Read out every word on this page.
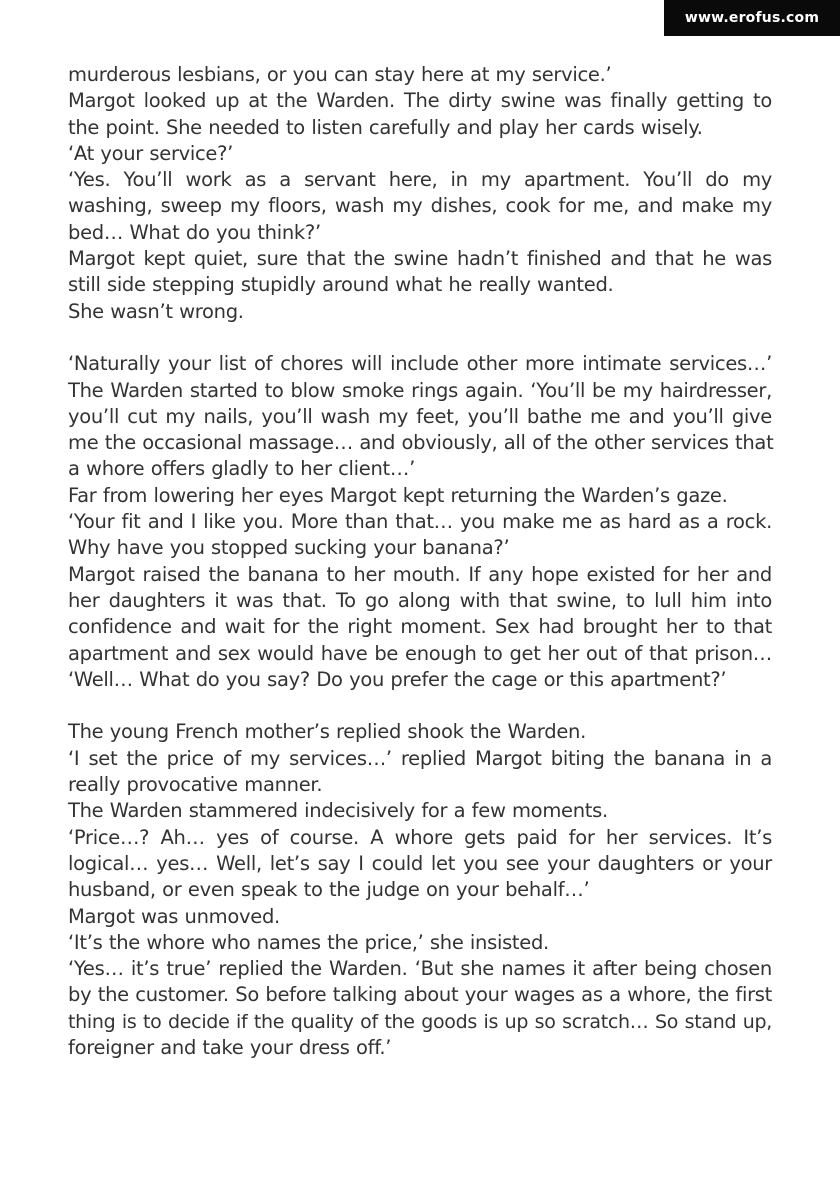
www.erofus.com
murderous lesbians, or you can stay here at my service.’
Margot looked up at the Warden. The dirty swine was finally getting to
the point. She needed to listen carefully and play her cards wisely.
‘At your service?’
‘Yes. You’ll work as a servant here, in my apartment. You’ll do my
washing, sweep my floors, wash my dishes, cook for me, and make my
bed… What do you think?’
Margot kept quiet, sure that the swine hadn’t finished and that he was
still side stepping stupidly around what he really wanted.
She wasn’t wrong.
‘Naturally your list of chores will include other more intimate services…’
The Warden started to blow smoke rings again. ‘You’ll be my hairdresser,
you’ll cut my nails, you’ll wash my feet, you’ll bathe me and you’ll give
me the occasional massage… and obviously, all of the other services that
a whore offers gladly to her client…’
Far from lowering her eyes Margot kept returning the Warden’s gaze.
‘Your fit and I like you. More than that… you make me as hard as a rock.
Why have you stopped sucking your banana?’
Margot raised the banana to her mouth. If any hope existed for her and
her daughters it was that. To go along with that swine, to lull him into
confidence and wait for the right moment. Sex had brought her to that
apartment and sex would have be enough to get her out of that prison…
‘Well… What do you say? Do you prefer the cage or this apartment?’
The young French mother’s replied shook the Warden.
‘I set the price of my services…’ replied Margot biting the banana in a
really provocative manner.
The Warden stammered indecisively for a few moments.
‘Price…? Ah… yes of course. A whore gets paid for her services. It’s
logical… yes… Well, let’s say I could let you see your daughters or your
husband, or even speak to the judge on your behalf…’
Margot was unmoved.
‘It’s the whore who names the price,’ she insisted.
‘Yes… it’s true’ replied the Warden. ‘But she names it after being chosen
by the customer. So before talking about your wages as a whore, the first
thing is to decide if the quality of the goods is up so scratch… So stand up,
foreigner and take your dress off.’
